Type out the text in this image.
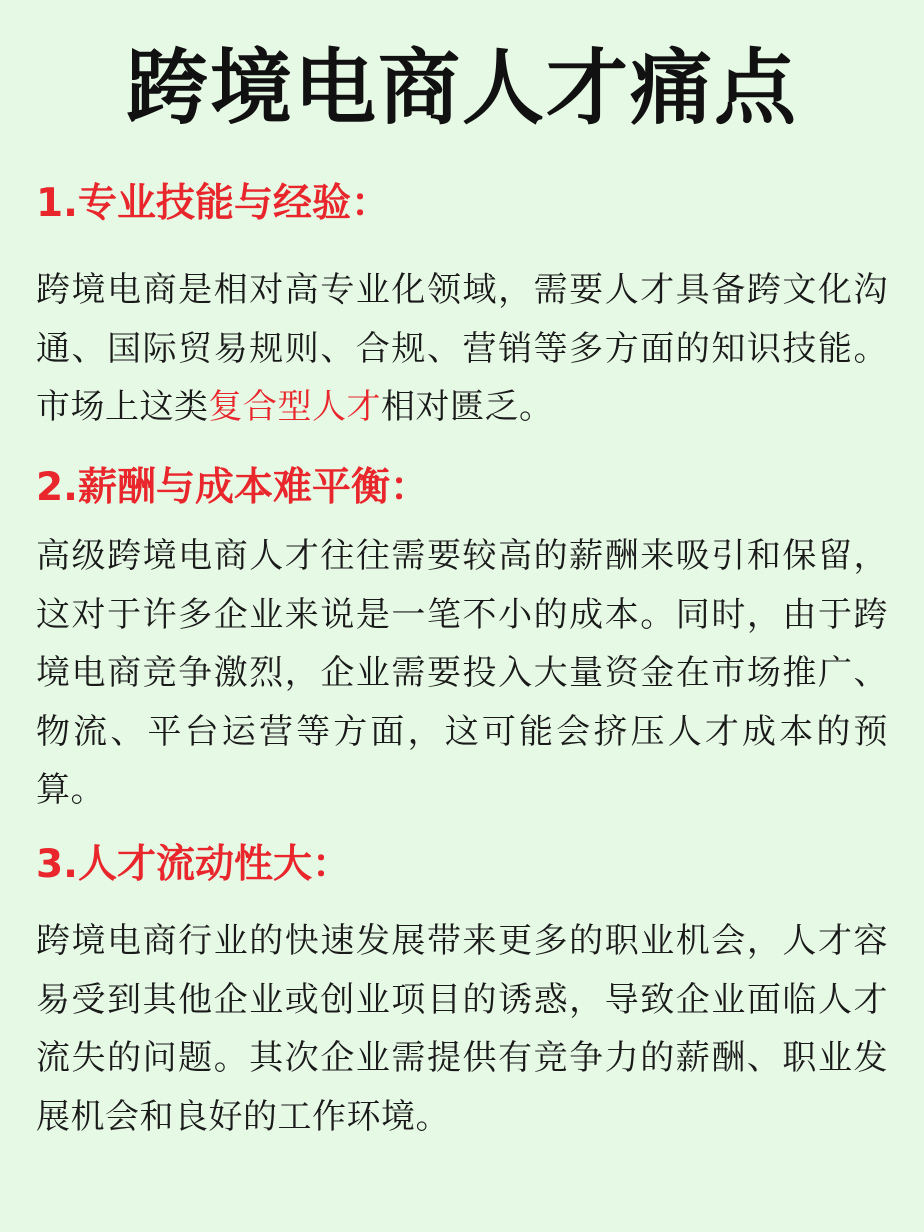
跨境电商人才痛点
1.专业技能与经验：

跨境电商是相对高专业化领域，需要人才具备跨文化沟通、国际贸易规则、合规、营销等多方面的知识技能。市场上这类复合型人才相对匮乏。

2.薪酬与成本难平衡：

高级跨境电商人才往往需要较高的薪酬来吸引和保留，这对于许多企业来说是一笔不小的成本。同时，由于跨境电商竞争激烈，企业需要投入大量资金在市场推广、物流、平台运营等方面，这可能会挤压人才成本的预算。

3.人才流动性大：

跨境电商行业的快速发展带来更多的职业机会，人才容易受到其他企业或创业项目的诱惑，导致企业面临人才流失的问题。其次企业需提供有竞争力的薪酬、职业发展机会和良好的工作环境。
